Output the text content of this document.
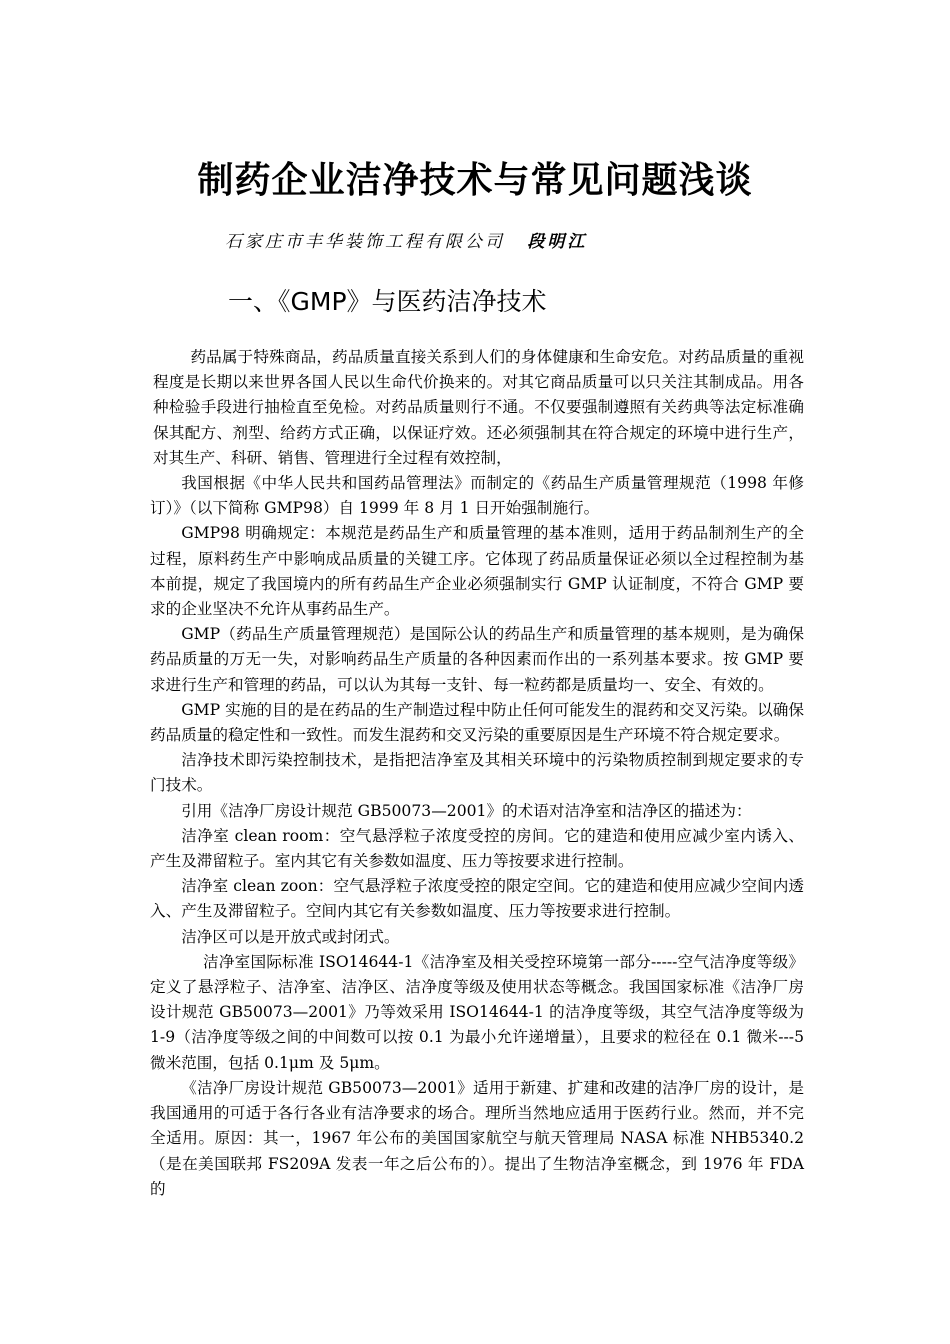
制药企业洁净技术与常见问题浅谈
石家庄市丰华装饰工程有限公司 段明江
一、《GMP》与医药洁净技术

药品属于特殊商品，药品质量直接关系到人们的身体健康和生命安危。对药品质量的重视程度是长期以来世界各国人民以生命代价换来的。对其它商品质量可以只关注其制成品。用各种检验手段进行抽检直至免检。对药品质量则行不通。不仅要强制遵照有关药典等法定标准确保其配方、剂型、给药方式正确，以保证疗效。还必须强制其在符合规定的环境中进行生产，对其生产、科研、销售、管理进行全过程有效控制，

我国根据《中华人民共和国药品管理法》而制定的《药品生产质量管理规范（1998 年修订）》（以下简称 GMP98）自 1999 年 8 月 1 日开始强制施行。

GMP98 明确规定：本规范是药品生产和质量管理的基本准则，适用于药品制剂生产的全过程，原料药生产中影响成品质量的关键工序。它体现了药品质量保证必须以全过程控制为基本前提，规定了我国境内的所有药品生产企业必须强制实行 GMP 认证制度，不符合 GMP 要求的企业坚决不允许从事药品生产。

GMP（药品生产质量管理规范）是国际公认的药品生产和质量管理的基本规则，是为确保药品质量的万无一失，对影响药品生产质量的各种因素而作出的一系列基本要求。按 GMP 要求进行生产和管理的药品，可以认为其每一支针、每一粒药都是质量均一、安全、有效的。

GMP 实施的目的是在药品的生产制造过程中防止任何可能发生的混药和交叉污染。以确保药品质量的稳定性和一致性。而发生混药和交叉污染的重要原因是生产环境不符合规定要求。

洁净技术即污染控制技术，是指把洁净室及其相关环境中的污染物质控制到规定要求的专门技术。

引用《洁净厂房设计规范 GB50073—2001》的术语对洁净室和洁净区的描述为：

洁净室 clean room：空气悬浮粒子浓度受控的房间。它的建造和使用应减少室内诱入、产生及滞留粒子。室内其它有关参数如温度、压力等按要求进行控制。

洁净室 clean zoon：空气悬浮粒子浓度受控的限定空间。它的建造和使用应减少空间内透入、产生及滞留粒子。空间内其它有关参数如温度、压力等按要求进行控制。

洁净区可以是开放式或封闭式。

洁净室国际标准 ISO14644-1《洁净室及相关受控环境第一部分-----空气洁净度等级》定义了悬浮粒子、洁净室、洁净区、洁净度等级及使用状态等概念。我国国家标准《洁净厂房设计规范 GB50073—2001》乃等效采用 ISO14644-1 的洁净度等级，其空气洁净度等级为 1-9（洁净度等级之间的中间数可以按 0.1 为最小允许递增量），且要求的粒径在 0.1 微米---5 微米范围，包括 0.1μm 及 5μm。

《洁净厂房设计规范 GB50073—2001》适用于新建、扩建和改建的洁净厂房的设计，是我国通用的可适于各行各业有洁净要求的场合。理所当然地应适用于医药行业。然而，并不完全适用。原因：其一，1967 年公布的美国国家航空与航天管理局 NASA 标准 NHB5340.2（是在美国联邦 FS209A 发表一年之后公布的）。提出了生物洁净室概念，到 1976 年 FDA 的
